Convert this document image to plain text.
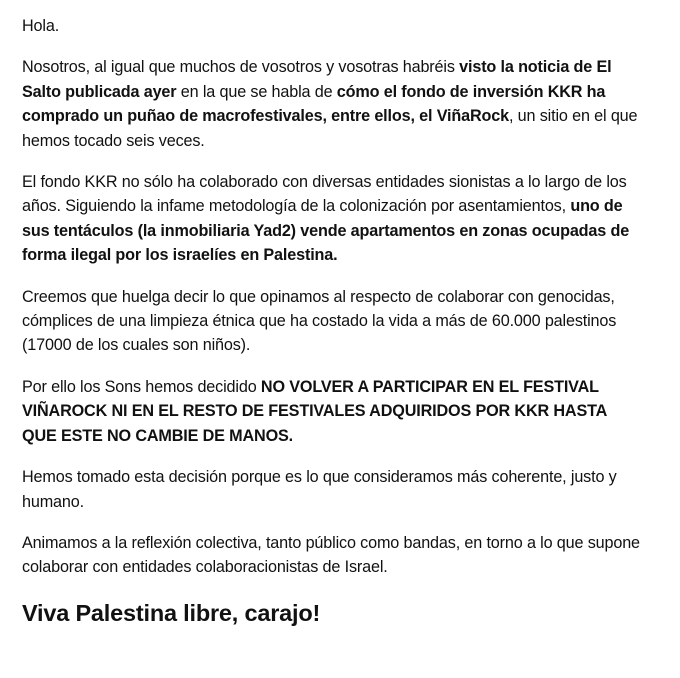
Hola.

Nosotros, al igual que muchos de vosotros y vosotras habréis visto la noticia de El Salto publicada ayer en la que se habla de cómo el fondo de inversión KKR ha comprado un puñao de macrofestivales, entre ellos, el ViñaRock, un sitio en el que hemos tocado seis veces.

El fondo KKR no sólo ha colaborado con diversas entidades sionistas a lo largo de los años. Siguiendo la infame metodología de la colonización por asentamientos, uno de sus tentáculos (la inmobiliaria Yad2) vende apartamentos en zonas ocupadas de forma ilegal por los israelíes en Palestina.

Creemos que huelga decir lo que opinamos al respecto de colaborar con genocidas, cómplices de una limpieza étnica que ha costado la vida a más de 60.000 palestinos (17000 de los cuales son niños).

Por ello los Sons hemos decidido NO VOLVER A PARTICIPAR EN EL FESTIVAL VIÑAROCK NI EN EL RESTO DE FESTIVALES ADQUIRIDOS POR KKR HASTA QUE ESTE NO CAMBIE DE MANOS.

Hemos tomado esta decisión porque es lo que consideramos más coherente, justo y humano.

Animamos a la reflexión colectiva, tanto público como bandas, en torno a lo que supone colaborar con entidades colaboracionistas de Israel.

Viva Palestina libre, carajo!
